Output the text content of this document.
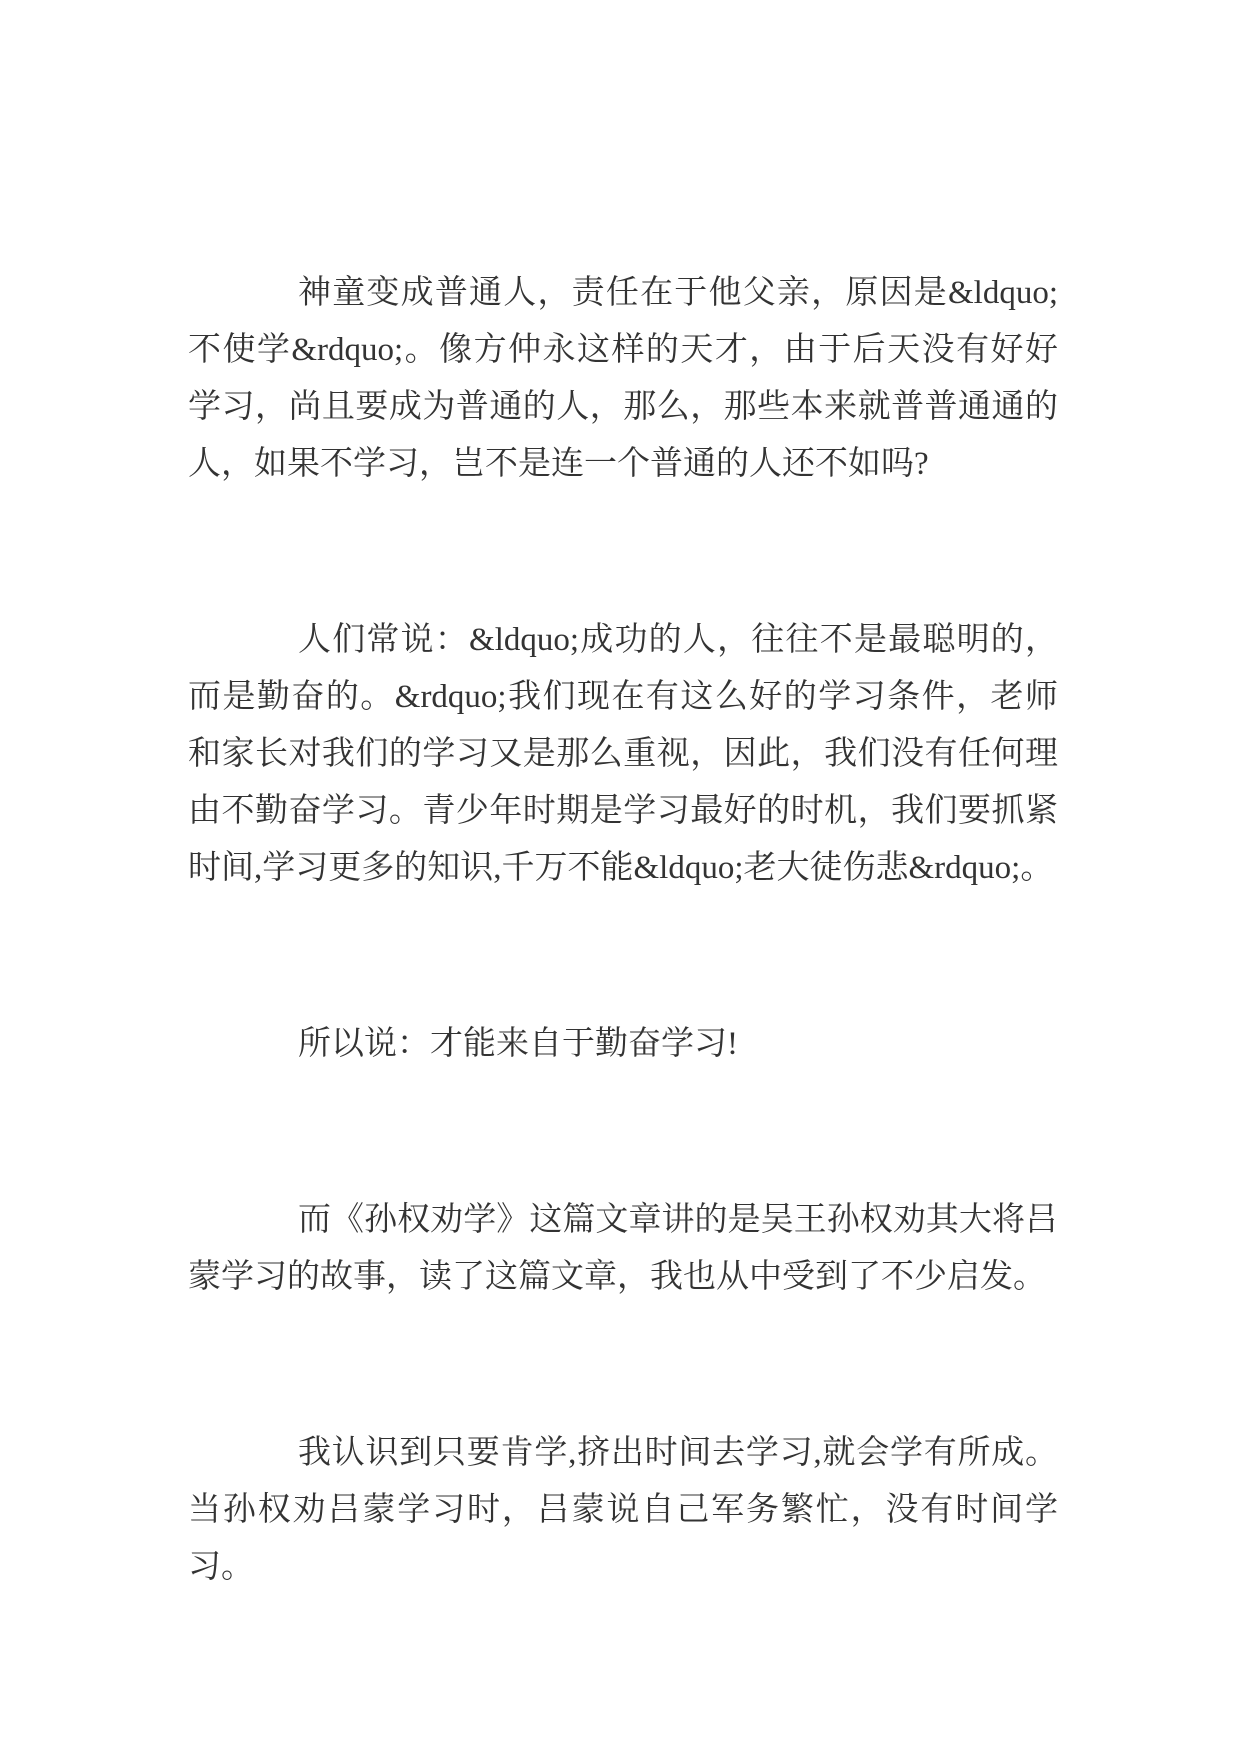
神童变成普通人，责任在于他父亲，原因是&ldquo;不使学&rdquo;。像方仲永这样的天才，由于后天没有好好学习，尚且要成为普通的人，那么，那些本来就普普通通的人，如果不学习，岂不是连一个普通的人还不如吗?

人们常说：&ldquo;成功的人，往往不是最聪明的，而是勤奋的。&rdquo;我们现在有这么好的学习条件，老师和家长对我们的学习又是那么重视，因此，我们没有任何理由不勤奋学习。青少年时期是学习最好的时机，我们要抓紧时间,学习更多的知识,千万不能&ldquo;老大徒伤悲&rdquo;。

所以说：才能来自于勤奋学习!

而《孙权劝学》这篇文章讲的是吴王孙权劝其大将吕蒙学习的故事，读了这篇文章，我也从中受到了不少启发。

我认识到只要肯学,挤出时间去学习,就会学有所成。当孙权劝吕蒙学习时，吕蒙说自己军务繁忙，没有时间学习。
